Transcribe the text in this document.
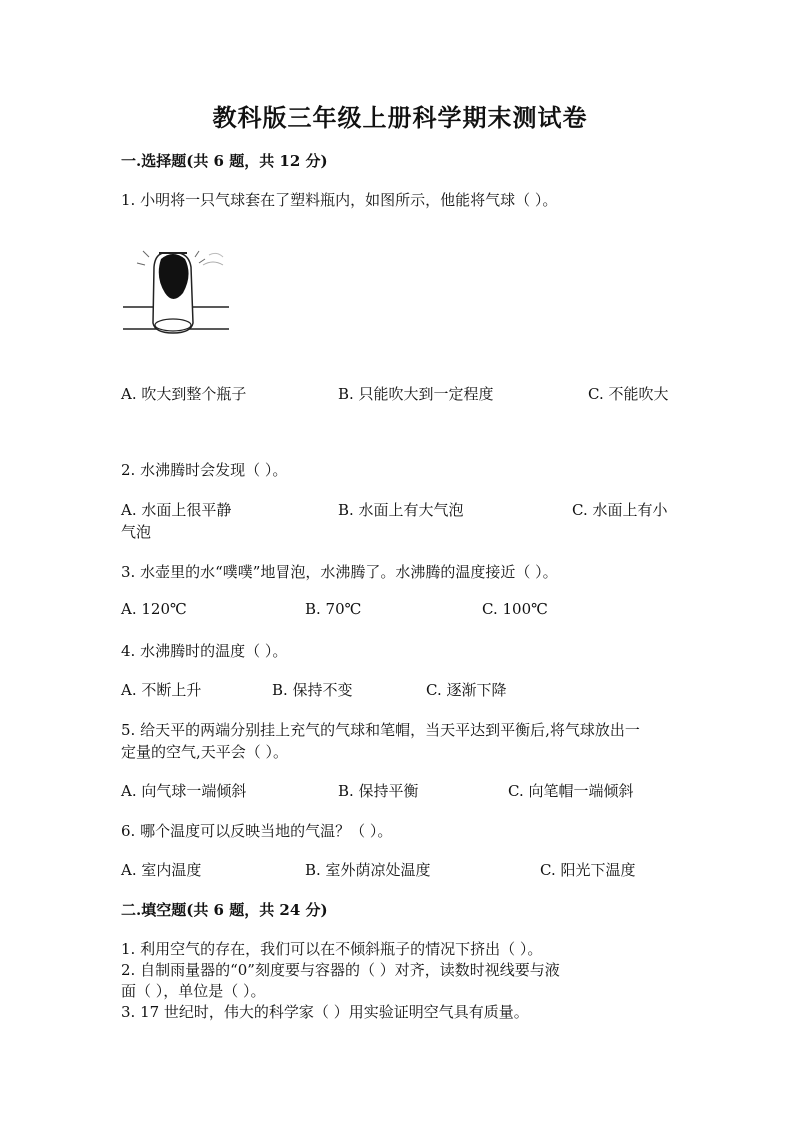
教科版三年级上册科学期末测试卷
一.选择题(共 6 题，共 12 分)
1. 小明将一只气球套在了塑料瓶内，如图所示，他能将气球（ ）。
A. 吹大到整个瓶子	B. 只能吹大到一定程度	C. 不能吹大
2. 水沸腾时会发现（ ）。
A. 水面上很平静	B. 水面上有大气泡	C. 水面上有小
气泡
3. 水壶里的水“噗噗”地冒泡，水沸腾了。水沸腾的温度接近（ ）。
A. 120℃	B. 70℃	C. 100℃
4. 水沸腾时的温度（ ）。
A. 不断上升	B. 保持不变	C. 逐渐下降
5. 给天平的两端分别挂上充气的气球和笔帽，当天平达到平衡后,将气球放出一
定量的空气,天平会（ ）。
A. 向气球一端倾斜	B. 保持平衡	C. 向笔帽一端倾斜
6. 哪个温度可以反映当地的气温？（ ）。
A. 室内温度	B. 室外荫凉处温度	C. 阳光下温度
二.填空题(共 6 题，共 24 分)
1. 利用空气的存在，我们可以在不倾斜瓶子的情况下挤出（ ）。
2. 自制雨量器的“0”刻度要与容器的（ ）对齐，读数时视线要与液
面（ ），单位是（ ）。
3. 17 世纪时，伟大的科学家（ ）用实验证明空气具有质量。
